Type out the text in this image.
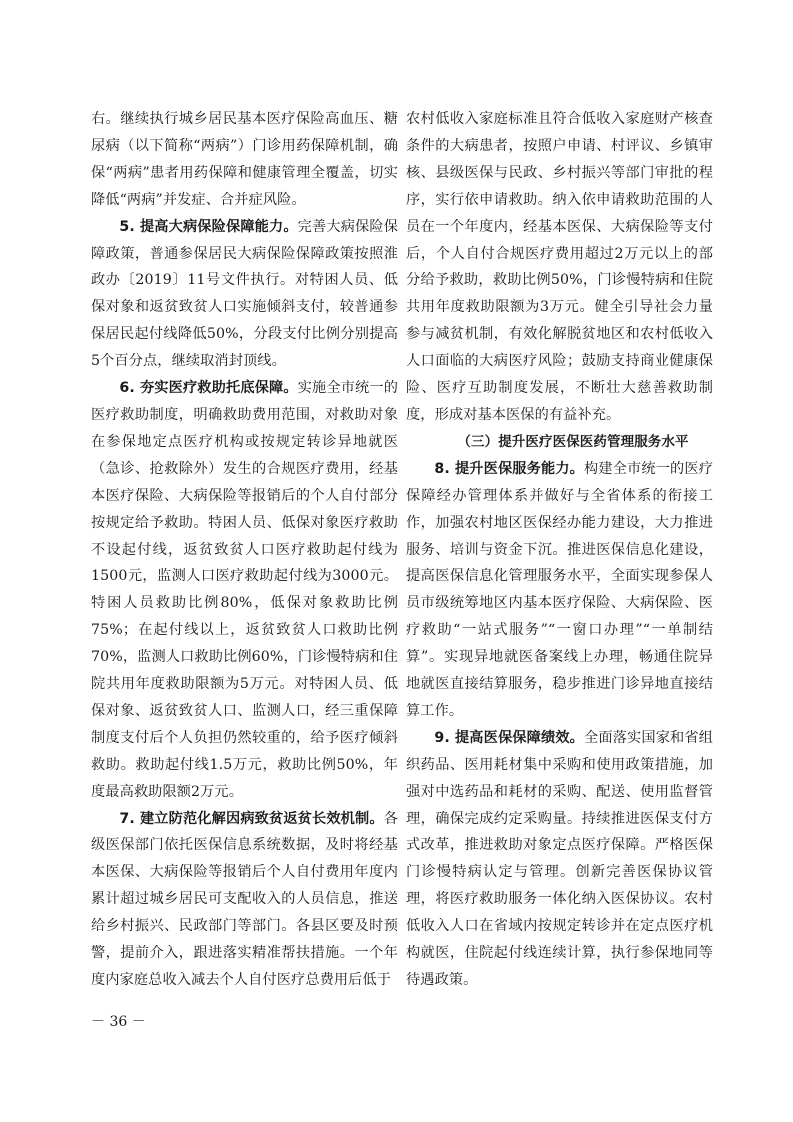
右。继续执行城乡居民基本医疗保险高血压、糖尿病（以下简称“两病”）门诊用药保障机制，确保“两病”患者用药保障和健康管理全覆盖，切实降低“两病”并发症、合并症风险。

5. 提高大病保险保障能力。完善大病保险保障政策，普通参保居民大病保险保障政策按照淮政办〔2019〕11号文件执行。对特困人员、低保对象和返贫致贫人口实施倾斜支付，较普通参保居民起付线降低50%，分段支付比例分别提高5个百分点，继续取消封顶线。

6. 夯实医疗救助托底保障。实施全市统一的医疗救助制度，明确救助费用范围，对救助对象在参保地定点医疗机构或按规定转诊异地就医（急诊、抢救除外）发生的合规医疗费用，经基本医疗保险、大病保险等报销后的个人自付部分按规定给予救助。特困人员、低保对象医疗救助不设起付线，返贫致贫人口医疗救助起付线为1500元，监测人口医疗救助起付线为3000元。特困人员救助比例80%，低保对象救助比例75%；在起付线以上，返贫致贫人口救助比例70%，监测人口救助比例60%，门诊慢特病和住院共用年度救助限额为5万元。对特困人员、低保对象、返贫致贫人口、监测人口，经三重保障制度支付后个人负担仍然较重的，给予医疗倾斜救助。救助起付线1.5万元，救助比例50%，年度最高救助限额2万元。

7. 建立防范化解因病致贫返贫长效机制。各级医保部门依托医保信息系统数据，及时将经基本医保、大病保险等报销后个人自付费用年度内累计超过城乡居民可支配收入的人员信息，推送给乡村振兴、民政部门等部门。各县区要及时预警，提前介入，跟进落实精准帮扶措施。一个年度内家庭总收入减去个人自付医疗总费用后低于

农村低收入家庭标准且符合低收入家庭财产核查条件的大病患者，按照户申请、村评议、乡镇审核、县级医保与民政、乡村振兴等部门审批的程序，实行依申请救助。纳入依申请救助范围的人员在一个年度内，经基本医保、大病保险等支付后，个人自付合规医疗费用超过2万元以上的部分给予救助，救助比例50%，门诊慢特病和住院共用年度救助限额为3万元。健全引导社会力量参与减贫机制，有效化解脱贫地区和农村低收入人口面临的大病医疗风险；鼓励支持商业健康保险、医疗互助制度发展，不断壮大慈善救助制度，形成对基本医保的有益补充。

（三）提升医疗医保医药管理服务水平

8. 提升医保服务能力。构建全市统一的医疗保障经办管理体系并做好与全省体系的衔接工作，加强农村地区医保经办能力建设，大力推进服务、培训与资金下沉。推进医保信息化建设，提高医保信息化管理服务水平，全面实现参保人员市级统筹地区内基本医疗保险、大病保险、医疗救助“一站式服务”“一窗口办理”“一单制结算”。实现异地就医备案线上办理，畅通住院异地就医直接结算服务，稳步推进门诊异地直接结算工作。

9. 提高医保保障绩效。全面落实国家和省组织药品、医用耗材集中采购和使用政策措施，加强对中选药品和耗材的采购、配送、使用监督管理，确保完成约定采购量。持续推进医保支付方式改革，推进救助对象定点医疗保障。严格医保门诊慢特病认定与管理。创新完善医保协议管理，将医疗救助服务一体化纳入医保协议。农村低收入人口在省域内按规定转诊并在定点医疗机构就医，住院起付线连续计算，执行参保地同等待遇政策。

－ 36 －
